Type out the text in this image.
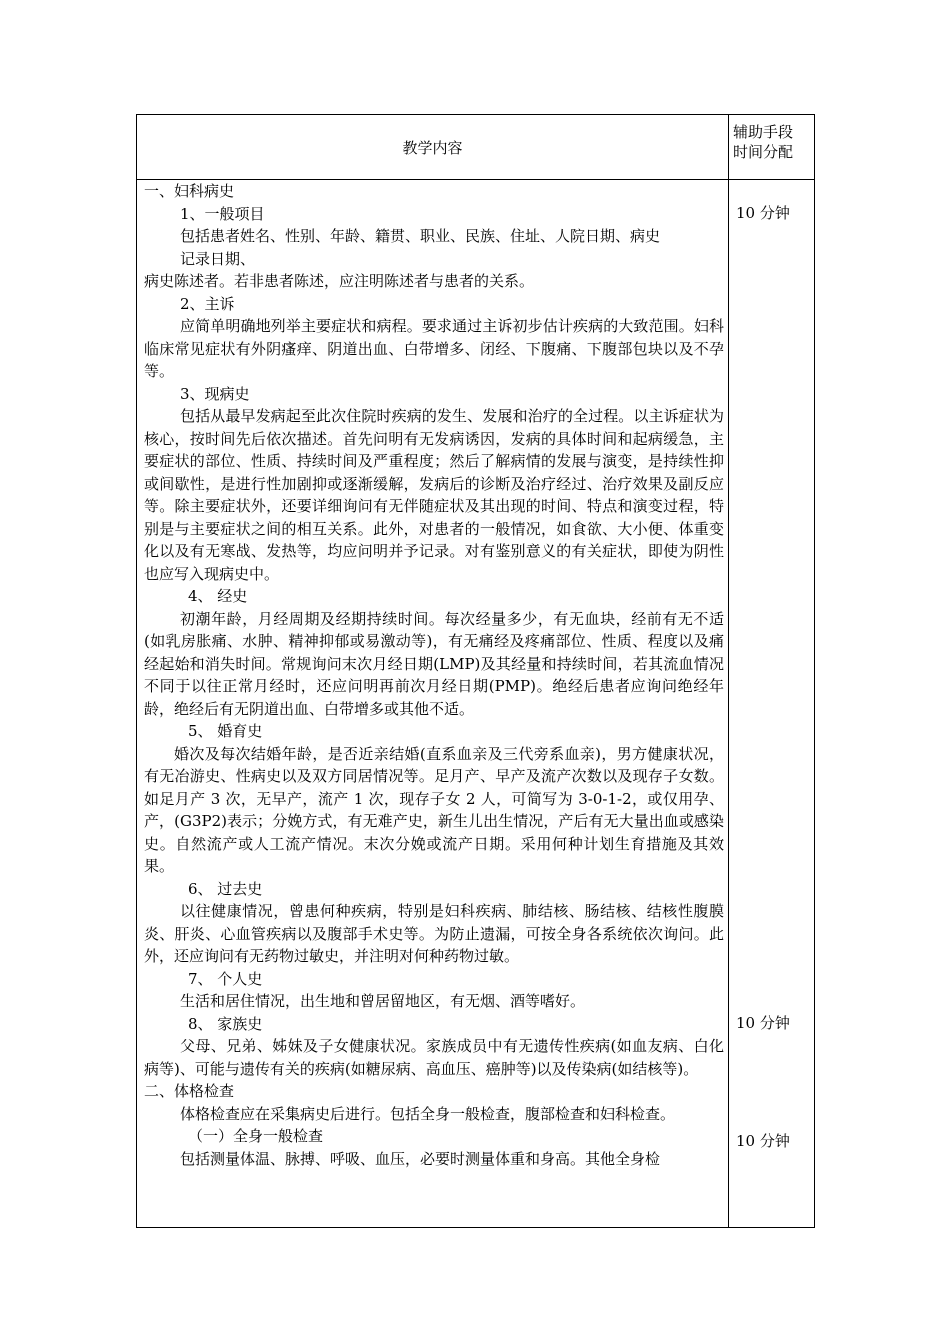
教学内容
辅助手段
时间分配

一、妇科病史

1、一般项目

包括患者姓名、性别、年龄、籍贯、职业、民族、住址、人院日期、病史

记录日期、

病史陈述者。若非患者陈述，应注明陈述者与患者的关系。

2、主诉

应简单明确地列举主要症状和病程。要求通过主诉初步估计疾病的大致范围。妇科临床常见症状有外阴瘙痒、阴道出血、白带增多、闭经、下腹痛、下腹部包块以及不孕等。

3、现病史

包括从最早发病起至此次住院时疾病的发生、发展和治疗的全过程。以主诉症状为核心，按时间先后依次描述。首先问明有无发病诱因，发病的具体时间和起病缓急，主要症状的部位、性质、持续时间及严重程度；然后了解病情的发展与演变，是持续性抑或间歇性，是进行性加剧抑或逐渐缓解，发病后的诊断及治疗经过、治疗效果及副反应等。除主要症状外，还要详细询问有无伴随症状及其出现的时间、特点和演变过程，特别是与主要症状之间的相互关系。此外，对患者的一般情况，如食欲、大小便、体重变化以及有无寒战、发热等，均应问明并予记录。对有鉴别意义的有关症状，即使为阴性也应写入现病史中。

4、 经史

初潮年龄，月经周期及经期持续时间。每次经量多少，有无血块，经前有无不适(如乳房胀痛、水肿、精神抑郁或易激动等)，有无痛经及疼痛部位、性质、程度以及痛经起始和消失时间。常规询问末次月经日期(LMP)及其经量和持续时间，若其流血情况不同于以往正常月经时，还应问明再前次月经日期(PMP)。绝经后患者应询问绝经年龄，绝经后有无阴道出血、白带增多或其他不适。

5、 婚育史

婚次及每次结婚年龄，是否近亲结婚(直系血亲及三代旁系血亲)，男方健康状况，有无冶游史、性病史以及双方同居情况等。足月产、早产及流产次数以及现存子女数。如足月产 3 次，无早产，流产 1 次，现存子女 2 人，可简写为 3-0-1-2，或仅用孕、产，(G3P2)表示；分娩方式，有无难产史，新生儿出生情况，产后有无大量出血或感染史。自然流产或人工流产情况。末次分娩或流产日期。采用何种计划生育措施及其效果。

6、 过去史

以往健康情况，曾患何种疾病，特别是妇科疾病、肺结核、肠结核、结核性腹膜炎、肝炎、心血管疾病以及腹部手术史等。为防止遗漏，可按全身各系统依次询问。此外，还应询问有无药物过敏史，并注明对何种药物过敏。

7、 个人史

生活和居住情况，出生地和曾居留地区，有无烟、酒等嗜好。

8、 家族史

父母、兄弟、姊妹及子女健康状况。家族成员中有无遗传性疾病(如血友病、白化病等)、可能与遗传有关的疾病(如糖尿病、高血压、癌肿等)以及传染病(如结核等)。

二、体格检查

体格检查应在采集病史后进行。包括全身一般检查，腹部检查和妇科检查。

（一）全身一般检查

包括测量体温、脉搏、呼吸、血压，必要时测量体重和身高。其他全身检

10 分钟
10 分钟
10 分钟
